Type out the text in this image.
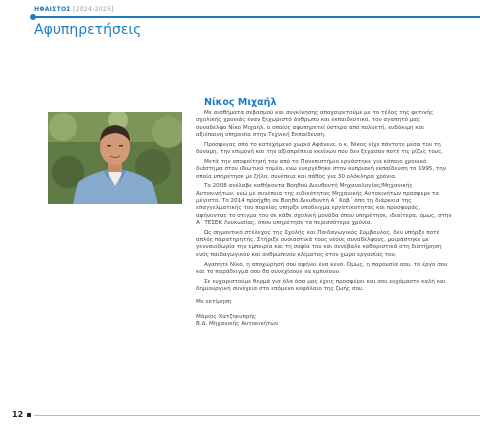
ΗΦΑΙΣΤΟΣ [2024-2025]
Αφυπηρετήσεις
Νίκος Μιχαήλ

Με αισθήματα σεβασμού και συγκίνησης αποχαιρετούμε με το τέλος της φετινής σχολικής χρονιάς έναν ξεχωριστό άνθρωπο και εκπαιδευτικό, τον αγαπητό μας συναδέλφο Νίκο Μιχαήλ, ο οποίος αφυπηρετεί ύστερα από πολυετή, ευδόκιμη και αξιέπαινη υπηρεσία στην Τεχνική Εκπαίδευση.

Πρόσφυγας από το κατεχόμενο χωριό Αφάνεια, ο κ. Νίκος είχε πάντοτε μέσα του τη δύναμη, την επιμονή και την αξιοπρέπεια εκείνων που δεν ξεχασαν ποτέ τις ρίζες τους.

Μετά την αποφοίτησή του από το Πανεπιστήμιο εργάστηκε για κάποιο χρονικό διάστημα στον ιδιωτικό τομέα, ενώ ενεργέθηκε στην κυπριακή εκπαίδευση το 1995, την οποία υπηρέτησε με ζήλο, συνέπεια και πάθος για 30 ολόκληρα χρόνια.

Το 2008 ανέλαβε καθήκοντα Βοηθού Διευθυντή Μηχανολογίας/Μηχανικής Αυτοκινήτων, ενώ με συνέπεια της ειδικότητας Μηχανικής Αυτοκινήτων προσφερε τα μέγιστα. Το 2014 προήχθη σε Βοηθό Διευθυντή Α΄ Κοβ΄ όπη τη διάρκεια της επαγγελματικής του πορείας υπηρξε υποδειγμα εργατικοτητας και προσφοράς, αφήνοντας το στιγμα του σε κάθε σχολική μονάδα όπου υπηρέτησε, ιδιαίτερα, όμως, στην Α΄ ΤΕΣΕΚ Λευκωσίας, όπου υπηρέτησε τα περισσότερα χρόνια.

Ως σημαντικό στέλεχος της Σχολής και Παιδαγωγικός Σύμβουλος, δεν υπήρξε ποτέ απλός παρατηρητής. Στήριξε ουσιαστικά τους νέους συναδέλφους, μοιράστηκε με γενναιοδωρία την εμπειρία και τη σοφία του και συνέβαλε καθοριστικά στη διατήρηση ενός παιδαγωγικού και ανθρώπινου κλίματος στον χώρο εργασίας του.

Αγαπητέ Νίκο, η αποχώρησή σου αφήνει ένα κενό. Όμως, η παρουσία σου, το έργο σου και το παράδειγμά σου θα συνεχίσουν να εμπνέουν.

Σε ευχαριστούμε θερμά για όλα όσα μας έχεις προσφέρει και σου ευχόμαστε καλή και δημιουργική συνέχεια στο επόμενο κεφάλαιο της ζωής σου.

Με εκτίμηση
Μάριος Χατζηκυπρής
Β.Δ. Μηχανικής Αυτοκινήτων
12
